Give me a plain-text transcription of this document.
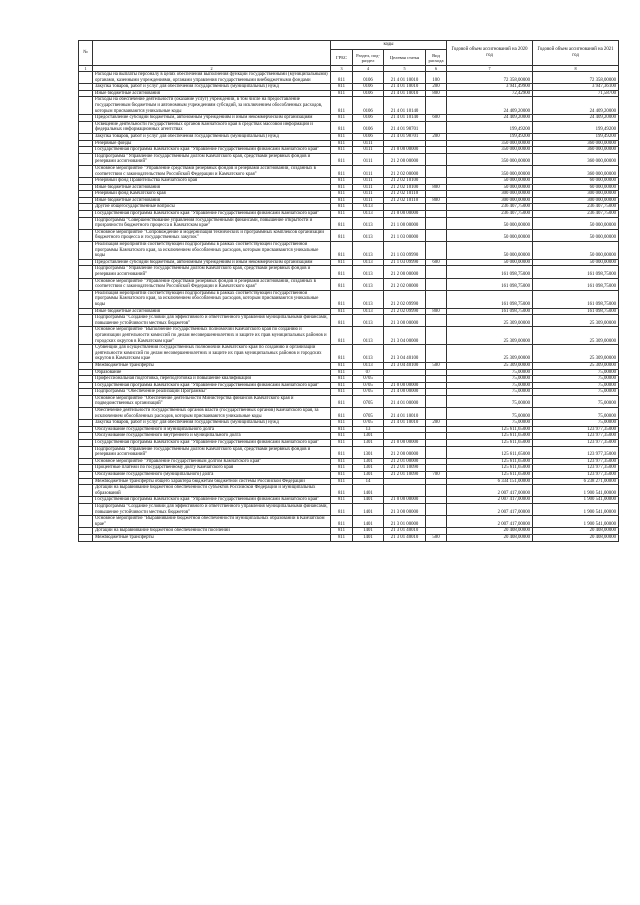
№		коды				Годовой объем ассигнований на 2020 год	Годовой объем ассигнований на 2021 год
		ГРБС	Раздел, под-раздел	Целевая статья	Вид расхода		
1	2	3	4	5	6	7	8
	Расходы на выплаты персоналу в целях обеспечения выполнения функций государственными (муниципальными) органами, казенными учреждениями, органами управления государственными внебюджетными фондами	811	0106	21 4 01 10010	100	72 358,00000	72 358,00000
	Закупка товаров, работ и услуг для обеспечения государственных (муниципальных) нужд	811	0106	21 4 01 10010	200	3 941,49900	3 947,36100
	Иные бюджетные ассигнования	811	0106	21 4 01 10010	800	72,42900	71,58700
	Расходы на обеспечение деятельности (оказание услуг) учреждений, в том числе на предоставление государственным бюджетным и автономным учреждениям субсидий, за исключением обособленных расходов, которым присваиваются уникальные коды	811	0106	21 4 01 10140		24 409,20000	24 409,20000
	Предоставление субсидий бюджетным, автономным учреждениям и иным некоммерческим организациям	811	0106	21 4 01 10140	600	24 409,20000	24 409,20000
	Освещение деятельности государственных органов Камчатского края в средствах массовой информации и федеральных информационных агентствах	811	0106	21 4 01 98701		199,49200	199,49200
	Закупка товаров, работ и услуг для обеспечения государственных (муниципальных) нужд	811	0106	21 4 01 98701	200	199,49200	199,49200
	Резервные фонды	811	0111			350 000,00000	360 000,00000
	Государственная программа Камчатского края "Управление государственными финансами Камчатского края"	811	0111	21 0 00 00000		350 000,00000	360 000,00000
	Подпрограмма "Управление государственным долгом Камчатского края, средствами резервных фондов и резервами ассигнований"	811	0111	21 2 00 00000		350 000,00000	360 000,00000
	Основное мероприятие "Управление средствами резервных фондов и резервами ассигнований, созданных в соответствии с законодательством Российской Федерации и Камчатского края"	811	0111	21 2 02 00000		350 000,00000	360 000,00000
	Резервный фонд Правительства Камчатского края	811	0111	21 2 02 10100		50 000,00000	60 000,00000
	Иные бюджетные ассигнования	811	0111	21 2 02 10100	800	50 000,00000	60 000,00000
	Резервный фонд Камчатского края	811	0111	21 2 02 10110		300 000,00000	300 000,00000
	Иные бюджетные ассигнования	811	0111	21 2 02 10110	800	300 000,00000	300 000,00000
	Другие общегосударственные вопросы	811	0113			236 407,75000	236 407,75000
	Государственная программа Камчатского края "Управление государственными финансами Камчатского края"	811	0113	21 0 00 00000		236 407,75000	236 407,75000
	Подпрограмма "Совершенствование управления государственными финансами, повышение открытости и прозрачности бюджетного процесса в Камчатском крае"	811	0113	21 1 00 00000		50 000,00000	50 000,00000
	Основное мероприятие "Сопровождение и модернизация технических и программных комплексов организации бюджетного процесса и государственных закупок"	811	0113	21 1 03 00000		50 000,00000	50 000,00000
	Реализация мероприятий соответствующей подпрограммы в рамках соответствующей государственной программы Камчатского края, за исключением обособленных расходов, которым присваиваются уникальные коды	811	0113	21 1 03 09990		50 000,00000	50 000,00000
	Предоставление субсидий бюджетным, автономным учреждениям и иным некоммерческим организациям	811	0113	21 1 03 09990	600	50 000,00000	50 000,00000
	Подпрограмма "Управление государственным долгом Камчатского края, средствами резервных фондов и резервами ассигнований"	811	0113	21 2 00 00000		161 098,75000	161 098,75000
	Основное мероприятие "Управление средствами резервных фондов и резервами ассигнований, созданных в соответствии с законодательством Российской Федерации и Камчатского края"	811	0113	21 2 02 00000		161 098,75000	161 098,75000
	Реализация мероприятий соответствующей подпрограммы в рамках соответствующей государственной программы Камчатского края, за исключением обособленных расходов, которым присваиваются уникальные коды	811	0113	21 2 02 09990		161 098,75000	161 098,75000
	Иные бюджетные ассигнования	811	0113	21 2 02 09990	800	161 098,75000	161 098,75000
	Подпрограмма "Создание условий для эффективного и ответственного управления муниципальными финансами, повышение устойчивости местных бюджетов"	811	0113	21 3 00 00000		25 309,00000	25 309,00000
	Основное мероприятие "Выполнение государственных полномочий Камчатского края по созданию и организации деятельности комиссий по делам несовершеннолетних и защите их прав муниципальных районов и городских округов в Камчатском крае"	811	0113	21 3 04 00000		25 309,00000	25 309,00000
	Субвенции для осуществления государственных полномочий Камчатского края по созданию и организации деятельности комиссий по делам несовершеннолетних и защите их прав муниципальных районов и городских округов в Камчатском крае	811	0113	21 3 04 40100		25 309,00000	25 309,00000
	Межбюджетные трансферты	811	0113	21 3 04 40100	500	25 309,00000	25 309,00000
	Образование	811	07			75,00000	75,00000
	Профессиональная подготовка, переподготовка и повышение квалификации	811	0705			75,00000	75,00000
	Государственная программа Камчатского края "Управление государственными финансами Камчатского края"	811	0705	21 0 00 00000		75,00000	75,00000
	Подпрограмма "Обеспечение реализации Программы"	811	0705	21 4 00 00000		75,00000	75,00000
	Основное мероприятие "Обеспечение деятельности Министерства финансов Камчатского края и подведомственных организаций"	811	0705	21 4 01 00000		75,00000	75,00000
	Обеспечение деятельности государственных органов власти (государственных органов) Камчатского края, за исключением обособленных расходов, которым присваиваются уникальные коды	811	0705	21 4 01 10010		75,00000	75,00000
	Закупка товаров, работ и услуг для обеспечения государственных (муниципальных) нужд	811	0705	21 4 01 10010	200	75,00000	75,00000
	Обслуживание государственного и муниципального долга	811	13			125 611,65000	123 977,35000
	Обслуживание государственного внутреннего и муниципального долга	811	1301			125 611,65000	123 977,35000
	Государственная программа Камчатского края "Управление государственными финансами Камчатского края"	811	1301	21 0 00 00000		125 611,65000	123 977,35000
	Подпрограмма "Управление государственным долгом Камчатского края, средствами резервных фондов и резервами ассигнований"	811	1301	21 2 00 00000		125 611,65000	123 977,35000
	Основное мероприятие "Управление государственным долгом Камчатского края"	811	1301	21 2 01 00000		125 611,65000	123 977,35000
	Процентные платежи по государственному долгу Камчатского края	811	1301	21 2 01 10090		125 611,65000	123 977,35000
	Обслуживание государственного (муниципального) долга	811	1301	21 2 01 10090	700	125 611,65000	123 977,35000
	Межбюджетные трансферты общего характера бюджетам бюджетной системы Российской Федерации	811	14			6 334 151,00000	6 238 271,00000
	Дотации на выравнивание бюджетной обеспеченности субъектов Российской Федерации и муниципальных образований	811	1401			2 007 417,00000	1 900 541,00000
	Государственная программа Камчатского края "Управление государственными финансами Камчатского края"	811	1401	21 0 00 00000		2 007 417,00000	1 900 541,00000
	Подпрограмма "Создание условий для эффективного и ответственного управления муниципальными финансами, повышение устойчивости местных бюджетов"	811	1401	21 3 00 00000		2 007 417,00000	1 900 541,00000
	Основное мероприятие "Выравнивание бюджетной обеспеченности муниципальных образований в Камчатском крае"	811	1401	21 3 01 00000		2 007 417,00000	1 900 541,00000
	Дотации на выравнивание бюджетной обеспеченности поселений	811	1401	21 3 01 40010		20 408,00000	20 408,00000
	Межбюджетные трансферты	811	1401	21 3 01 40010	500	20 408,00000	20 408,00000
